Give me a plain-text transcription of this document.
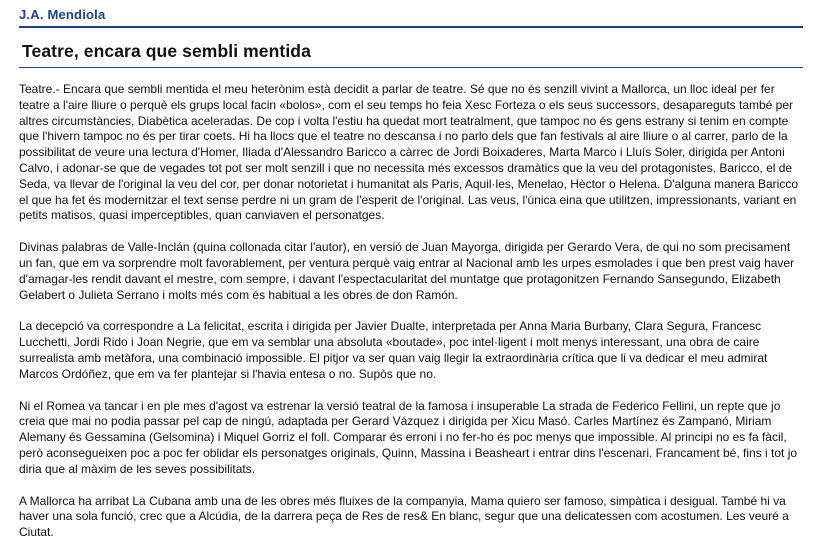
J.A. Mendiola
Teatre, encara que sembli mentida

Teatre.- Encara que sembli mentida el meu heterònim està decidit a parlar de teatre. Sé que no és senzill vivint a Mallorca, un lloc ideal per fer teatre a l'aire lliure o perquè els grups local facin «bolos», com el seu temps ho feia Xesc Forteza o els seus successors, desapareguts també per altres circumstàncies, Diabètica aceleradas. De cop i volta l'estiu ha quedat mort teatralment, que tampoc no és gens estrany si tenim en compte que l'hivern tampoc no és per tirar coets. Hi ha llocs que el teatre no descansa i no parlo dels que fan festivals al aire lliure o al carrer, parlo de la possibilitat de veure una lectura d'Homer, Iliada d'Alessandro Baricco a càrrec de Jordi Boixaderes, Marta Marco i Lluís Soler, dirigida per Antoni Calvo, i adonar-se que de vegades tot pot ser molt senzill i que no necessita més excessos dramàtics que la veu del protagonistes. Baricco, el de Seda, va llevar de l'original la veu del cor, per donar notorietat i humanitat als Paris, Aquil·les, Menelao, Hèctor o Helena. D'alguna manera Baricco el que ha fet és modernitzar el text sense perdre ni un gram de l'esperit de l'original. Las veus, l'única eina que utilitzen, impressionants, variant en petits matisos, quasi imperceptibles, quan canviaven el personatges.

Divinas palabras de Valle-Inclán (quina collonada citar l'autor), en versió de Juan Mayorga, dirigida per Gerardo Vera, de qui no som precisament un fan, que em va sorprendre molt favorablement, per ventura perquè vaig entrar al Nacional amb les urpes esmolades i que ben prest vaig haver d'amagar-les rendit davant el mestre, com sempre, i davant l'espectacularitat del muntatge que protagonitzen Fernando Sansegundo, Elizabeth Gelabert o Julieta Serrano i molts més com és habitual a les obres de don Ramón.

La decepció va correspondre a La felicitat, escrita i dirigida per Javier Dualte, interpretada per Anna Maria Burbany, Clara Segura, Francesc Lucchetti, Jordi Rido i Joan Negrie, que em va semblar una absoluta «boutade», poc intel·ligent i molt menys interessant, una obra de caire surrealista amb metàfora, una combinació impossible. El pitjor va ser quan vaig llegir la extraordinària crítica que li va dedicar el meu admirat Marcos Ordóñez, que em va fer plantejar si l'havia entesa o no. Supòs que no.

Ni el Romea va tancar i en ple mes d'agost va estrenar la versió teatral de la famosa i insuperable La strada de Federico Fellini, un repte que jo creia que mai no podia passar pel cap de ningú, adaptada per Gerard Vázquez i dirigida per Xicu Masó. Carles Martínez és Zampanó, Miriam Alemany és Gessamina (Gelsomina) i Miquel Gorriz el foll. Comparar és erroni i no fer-ho és poc menys que impossible. Al principi no es fa fàcil, però aconsegueixen poc a poc fer oblidar els personatges originals, Quinn, Massina i Beasheart i entrar dins l'escenari. Francament bé, fins i tot jo diria que al màxim de les seves possibilitats.

A Mallorca ha arribat La Cubana amb una de les obres més fluixes de la companyia, Mama quiero ser famoso, simpàtica i desigual. També hi va haver una sola funció, crec que a Alcúdia, de la darrera peça de Res de res& En blanc, segur que una delicatessen com acostumen. Les veuré a Ciutat.
